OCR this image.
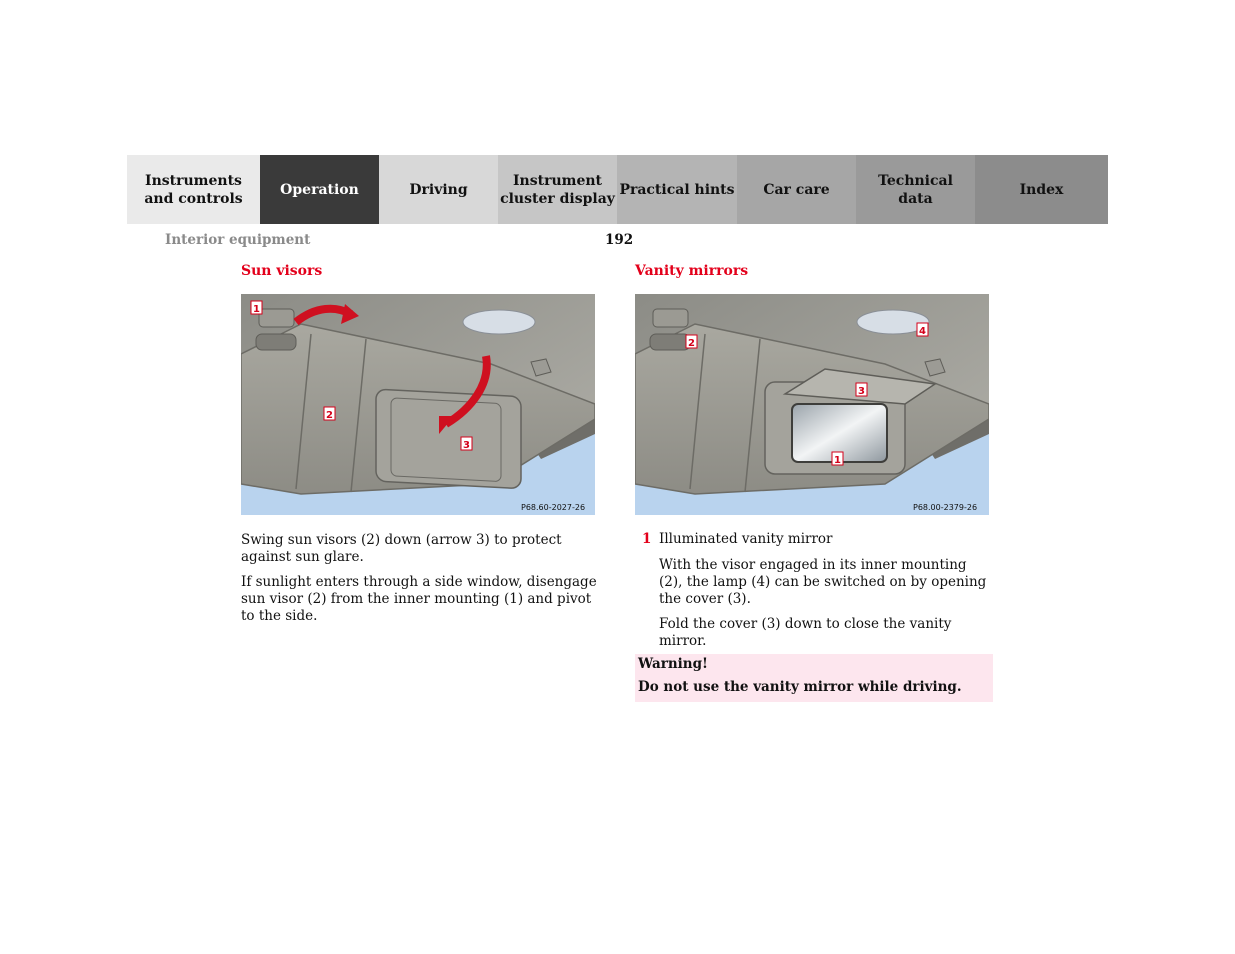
Instruments
and controls
Operation	Driving
Instrument
cluster display
Practical hints Car care
Technical
data
Index
Interior equipment	192
Sun visors
1
2
3
P68.60-2027-26
Swing sun visors (2) down (arrow 3) to protect against sun glare.
If sunlight enters through a side window, disengage sun visor (2) from the inner mounting (1) and pivot to the side.
Vanity mirrors
4
2
3
1
P68.00-2379-26
1 Illuminated vanity mirror
With the visor engaged in its inner mounting (2), the lamp (4) can be switched on by opening the cover (3).
Fold the cover (3) down to close the vanity mirror.
Warning!
Do not use the vanity mirror while driving.
